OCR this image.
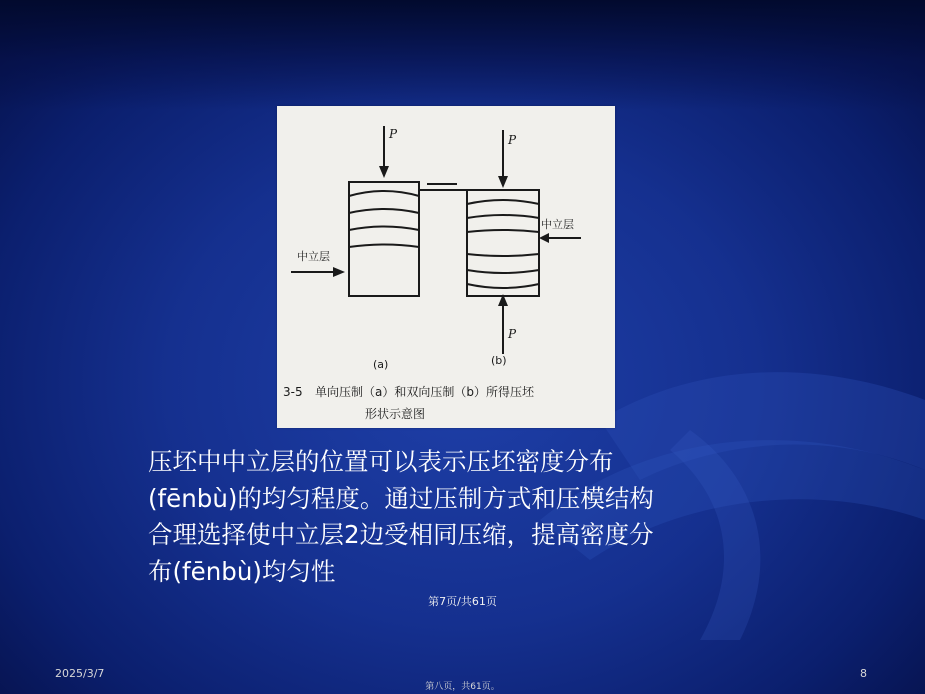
P	P
P
中立层
中立层
(a)	(b)
3-5 单向压制（a）和双向压制（b）所得压坯
形状示意图
压坯中中立层的位置可以表示压坯密度分布
(fēnbù)的均匀程度。通过压制方式和压模结构
合理选择使中立层2边受相同压缩，提高密度分
布(fēnbù)均匀性
第7页/共61页
2025/3/7	8
第八页，共61页。
